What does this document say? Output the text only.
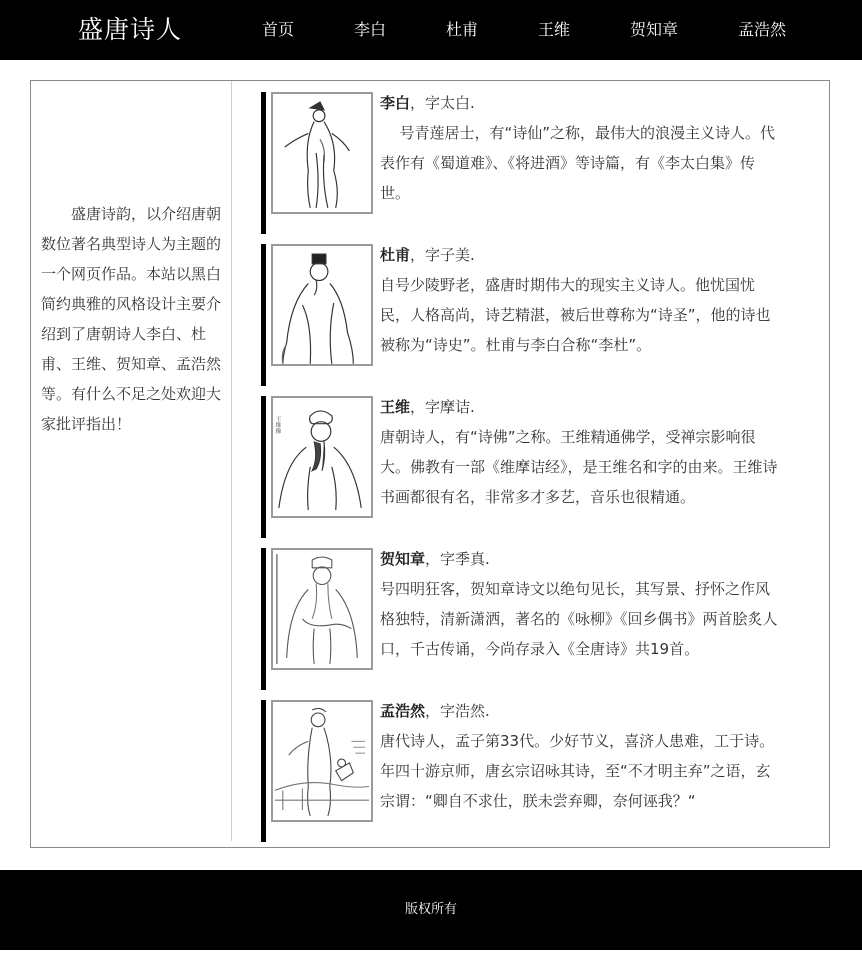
盛唐诗人	首页	李白	杜甫	王维	贺知章	孟浩然

盛唐诗韵，以介绍唐朝数位著名典型诗人为主题的一个网页作品。本站以黑白简约典雅的风格设计主要介绍到了唐朝诗人李白、杜甫、王维、贺知章、孟浩然等。有什么不足之处欢迎大家批评指出！

李白，字太白.
号青莲居士，有“诗仙”之称，最伟大的浪漫主义诗人。代表作有《蜀道难》、《将进酒》等诗篇，有《李太白集》传世。

杜甫，字子美.
自号少陵野老，盛唐时期伟大的现实主义诗人。他忧国忧民，人格高尚，诗艺精湛，被后世尊称为“诗圣”，他的诗也被称为“诗史”。杜甫与李白合称“李杜”。

王维像

王维，字摩诘.
唐朝诗人，有“诗佛”之称。王维精通佛学，受禅宗影响很大。佛教有一部《维摩诘经》，是王维名和字的由来。王维诗书画都很有名，非常多才多艺，音乐也很精通。

贺知章，字季真.
号四明狂客，贺知章诗文以绝句见长，其写景、抒怀之作风格独特，清新潇洒，著名的《咏柳》《回乡偶书》两首脍炙人口，千古传诵，今尚存录入《全唐诗》共19首。

孟浩然，字浩然.
唐代诗人，孟子第33代。少好节义，喜济人患难，工于诗。年四十游京师，唐玄宗诏咏其诗，至“不才明主弃”之语，玄宗谓：“卿自不求仕，朕未尝弃卿，奈何诬我？“

版权所有
